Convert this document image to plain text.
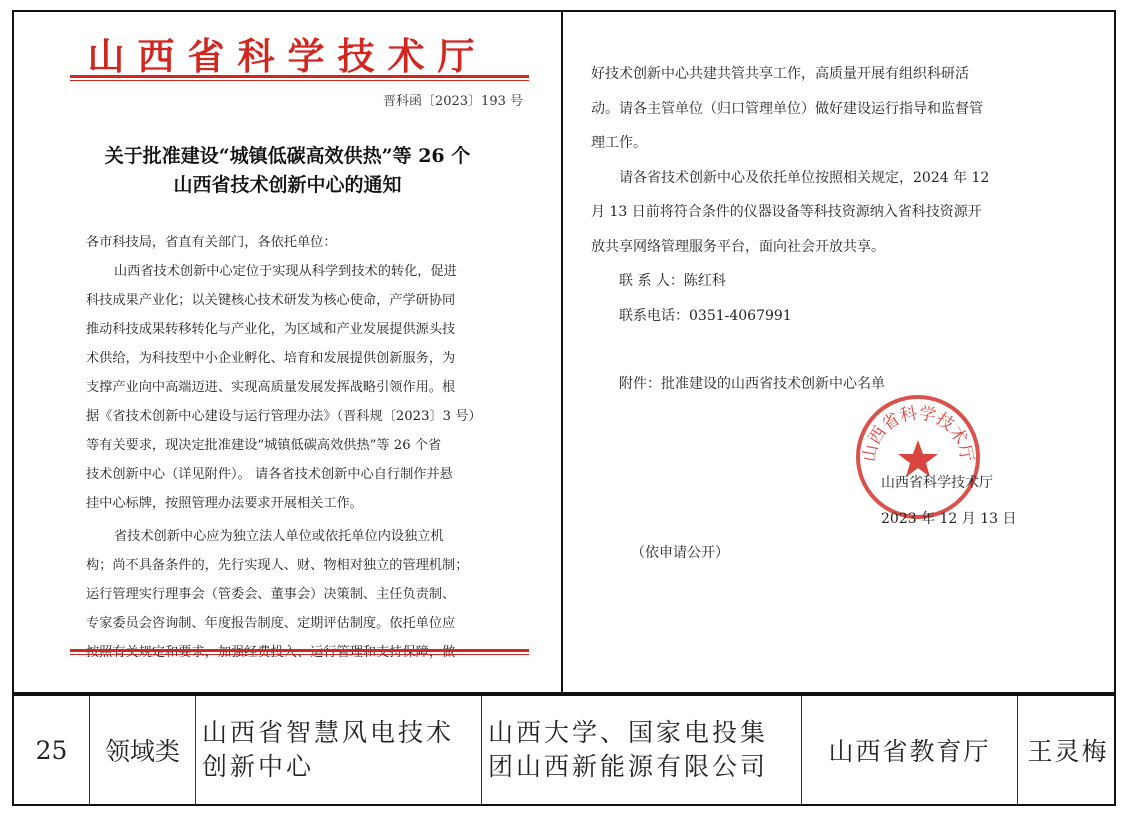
山西省科学技术厅
晋科函〔2023〕193 号
关于批准建设“城镇低碳高效供热”等 26 个
山西省技术创新中心的通知

各市科技局，省直有关部门，各依托单位：

山西省技术创新中心定位于实现从科学到技术的转化，促进

科技成果产业化；以关键核心技术研发为核心使命，产学研协同

推动科技成果转移转化与产业化，为区域和产业发展提供源头技

术供给，为科技型中小企业孵化、培育和发展提供创新服务，为

支撑产业向中高端迈进、实现高质量发展发挥战略引领作用。根

据《省技术创新中心建设与运行管理办法》（晋科规〔2023〕3 号）

等有关要求，现决定批准建设“城镇低碳高效供热”等 26 个省

技术创新中心（详见附件）。 请各省技术创新中心自行制作并悬

挂中心标牌，按照管理办法要求开展相关工作。

省技术创新中心应为独立法人单位或依托单位内设独立机

构；尚不具备条件的，先行实现人、财、物相对独立的管理机制；

运行管理实行理事会（管委会、董事会）决策制、主任负责制、

专家委员会咨询制、年度报告制度、定期评估制度。依托单位应

按照有关规定和要求，加强经费投入、运行管理和支持保障，做

好技术创新中心共建共管共享工作，高质量开展有组织科研活

动。请各主管单位（归口管理单位）做好建设运行指导和监督管

理工作。

请各省技术创新中心及依托单位按照相关规定，2024 年 12

月 13 日前将符合条件的仪器设备等科技资源纳入省科技资源开

放共享网络管理服务平台，面向社会开放共享。

联 系 人：陈红科

联系电话：0351-4067991

附件：批准建设的山西省技术创新中心名单

山西省科学技术厅
山西省科学技术厅
2023 年 12 月 13 日
（依申请公开）
25 领域类
山西省智慧风电技术
创新中心
山西大学、国家电投集
团山西新能源有限公司
山西省教育厅 王灵梅
